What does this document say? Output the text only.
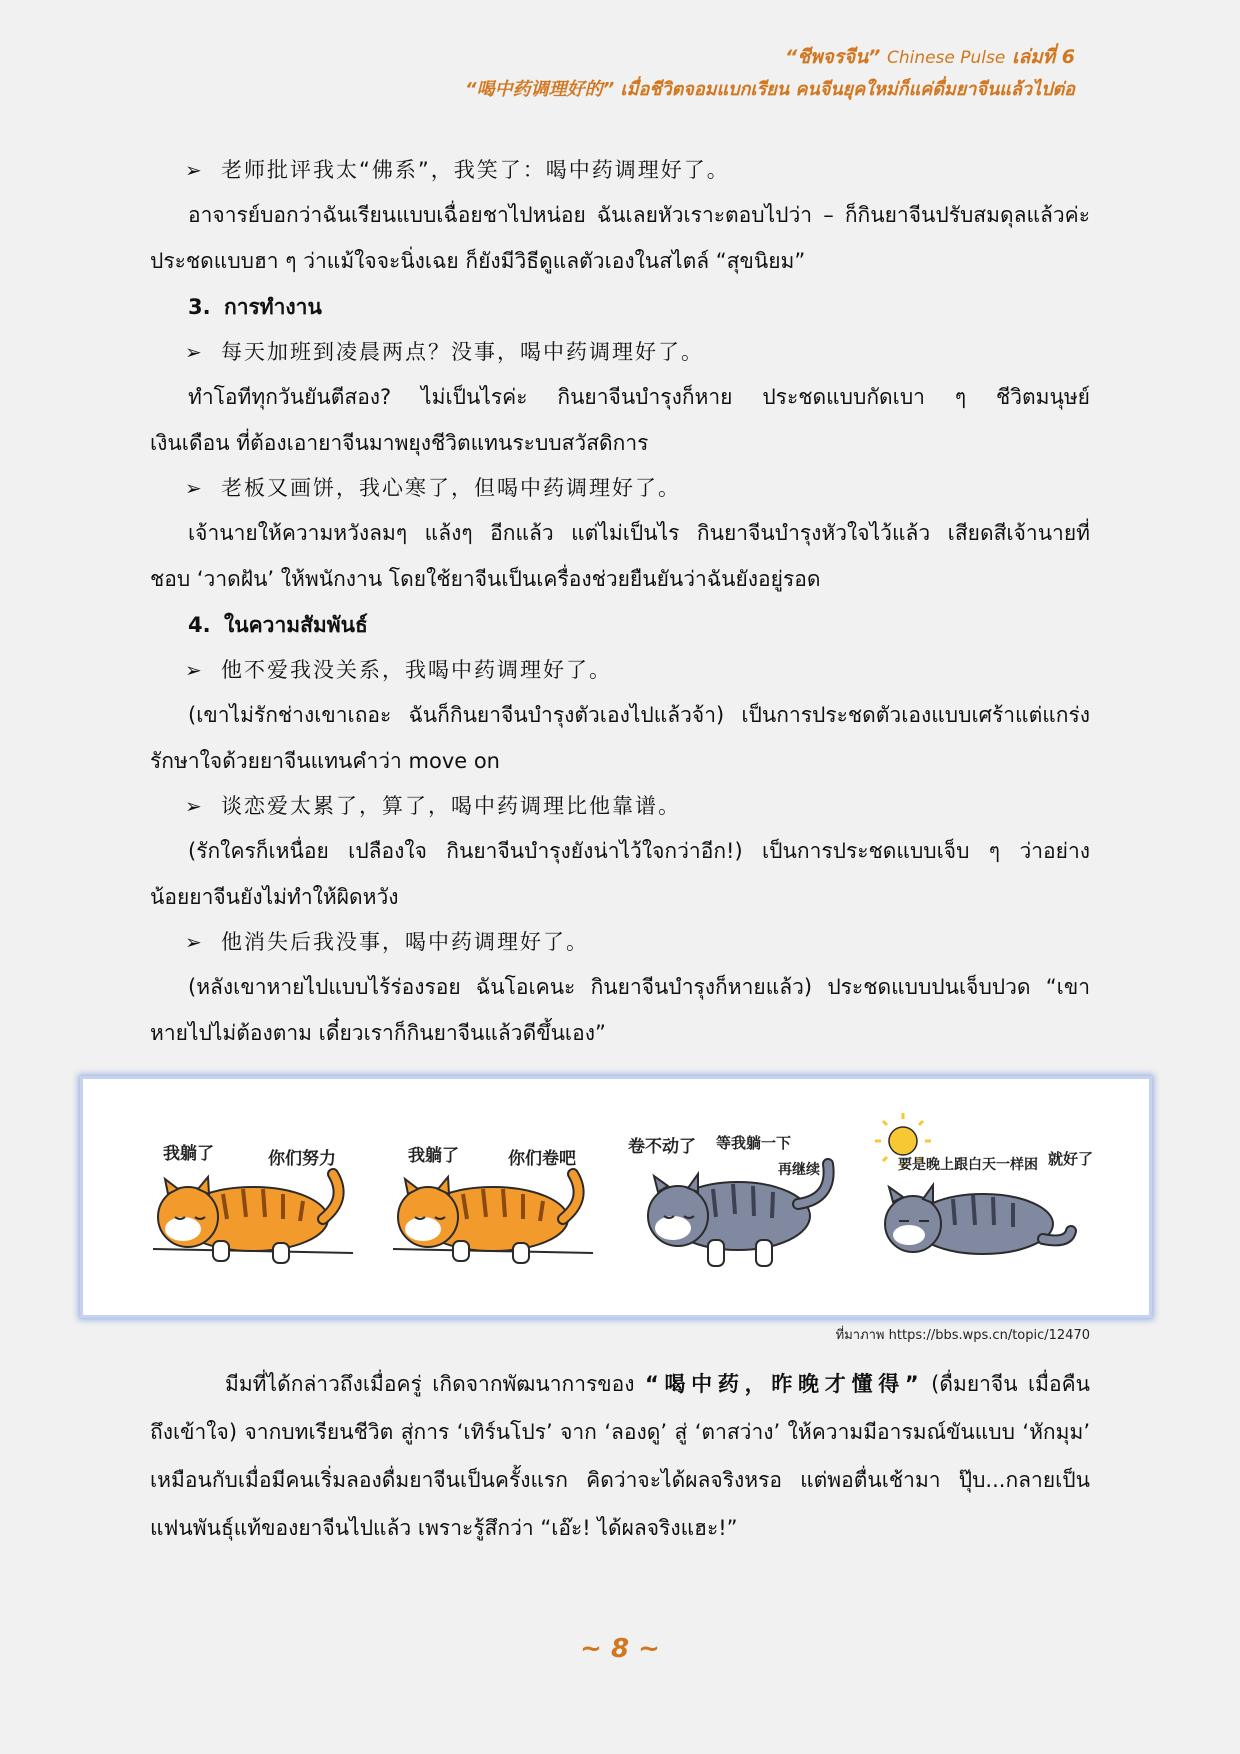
“ชีพจรจีน” Chinese Pulse เล่มที่ 6
“喝中药调理好的” เมื่อชีวิตจอมแบกเรียน คนจีนยุคใหม่ก็แค่ดื่มยาจีนแล้วไปต่อ
➢ 老师批评我太“佛系”，我笑了：喝中药调理好了。
อาจารย์บอกว่าฉันเรียนแบบเฉื่อยชาไปหน่อย ฉันเลยหัวเราะตอบไปว่า – ก็กินยาจีนปรับสมดุลแล้วค่ะ
ประชดแบบฮา ๆ ว่าแม้ใจจะนิ่งเฉย ก็ยังมีวิธีดูแลตัวเองในสไตล์ “สุขนิยม”
3. การทำงาน
➢ 每天加班到凌晨两点？没事，喝中药调理好了。
ทำโอทีทุกวันยันตีสอง? ไม่เป็นไรค่ะ กินยาจีนบำรุงก็หาย ประชดแบบกัดเบา ๆ ชีวิตมนุษย์
เงินเดือน ที่ต้องเอายาจีนมาพยุงชีวิตแทนระบบสวัสดิการ
➢ 老板又画饼，我心寒了，但喝中药调理好了。
เจ้านายให้ความหวังลมๆ แล้งๆ อีกแล้ว แต่ไม่เป็นไร กินยาจีนบำรุงหัวใจไว้แล้ว เสียดสีเจ้านายที่
ชอบ ‘วาดฝัน’ ให้พนักงาน โดยใช้ยาจีนเป็นเครื่องช่วยยืนยันว่าฉันยังอยู่รอด
4. ในความสัมพันธ์
➢ 他不爱我没关系，我喝中药调理好了。
(เขาไม่รักช่างเขาเถอะ ฉันก็กินยาจีนบำรุงตัวเองไปแล้วจ้า) เป็นการประชดตัวเองแบบเศร้าแต่แกร่ง
รักษาใจด้วยยาจีนแทนคำว่า move on
➢ 谈恋爱太累了，算了，喝中药调理比他靠谱。
(รักใครก็เหนื่อย เปลืองใจ กินยาจีนบำรุงยังน่าไว้ใจกว่าอีก!) เป็นการประชดแบบเจ็บ ๆ ว่าอย่าง
น้อยยาจีนยังไม่ทำให้ผิดหวัง
➢ 他消失后我没事，喝中药调理好了。
(หลังเขาหายไปแบบไร้ร่องรอย ฉันโอเคนะ กินยาจีนบำรุงก็หายแล้ว) ประชดแบบปนเจ็บปวด “เขา
หายไปไม่ต้องตาม เดี๋ยวเราก็กินยาจีนแล้วดีขึ้นเอง”
我躺了	你们努力	我躺了	你们卷吧
卷不动了 等我躺一下
再继续	要是晚上跟白天一样困 就好了
ที่มาภาพ https://bbs.wps.cn/topic/12470
มีมที่ได้กล่าวถึงเมื่อครู่ เกิดจากพัฒนาการของ “喝中药，昨晚才懂得” (ดื่มยาจีน เมื่อคืน
ถึงเข้าใจ) จากบทเรียนชีวิต สู่การ ‘เทิร์นโปร’ จาก ‘ลองดู’ สู่ ‘ตาสว่าง’ ให้ความมีอารมณ์ขันแบบ ‘หักมุม’
เหมือนกับเมื่อมีคนเริ่มลองดื่มยาจีนเป็นครั้งแรก คิดว่าจะได้ผลจริงหรอ แต่พอตื่นเช้ามา ปุ๊บ...กลายเป็น
แฟนพันธุ์แท้ของยาจีนไปแล้ว เพราะรู้สึกว่า “เอ๊ะ! ได้ผลจริงแฮะ!”
~ 8 ~
